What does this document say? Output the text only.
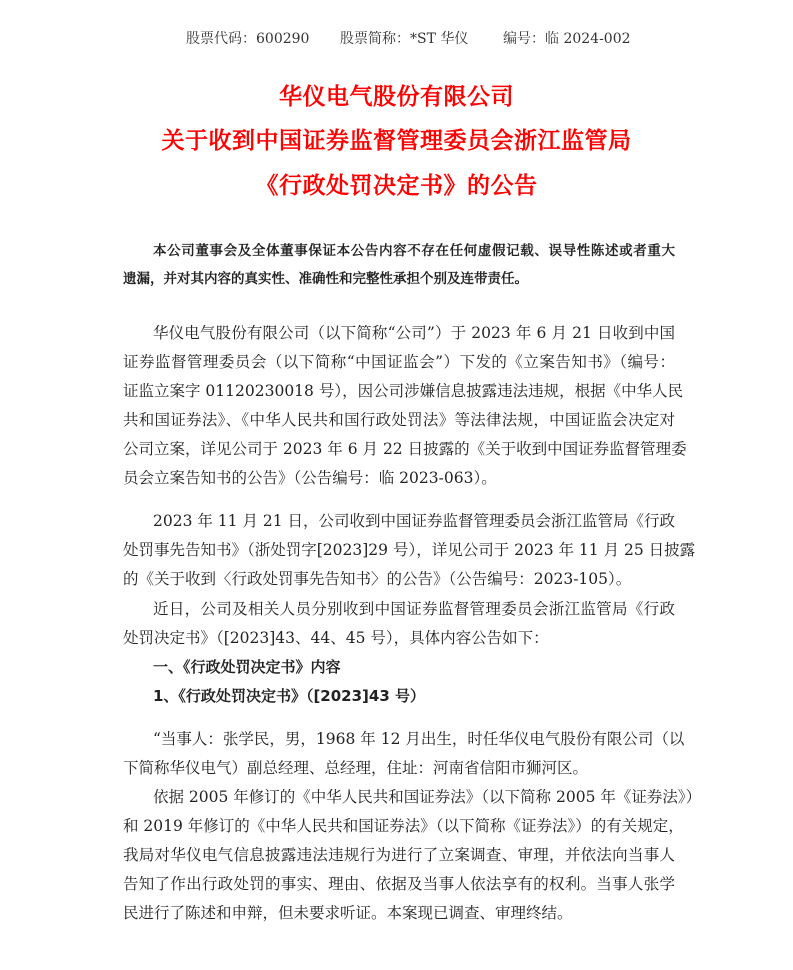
股票代码：600290 股票简称：*ST 华仪 编号：临 2024-002
华仪电气股份有限公司
关于收到中国证券监督管理委员会浙江监管局
《行政处罚决定书》的公告
本公司董事会及全体董事保证本公告内容不存在任何虚假记载、误导性陈述或者重大
遗漏，并对其内容的真实性、准确性和完整性承担个别及连带责任。
华仪电气股份有限公司（以下简称“公司”）于 2023 年 6 月 21 日收到中国
证券监督管理委员会（以下简称“中国证监会”）下发的《立案告知书》（编号：
证监立案字 01120230018 号），因公司涉嫌信息披露违法违规，根据《中华人民
共和国证券法》、《中华人民共和国行政处罚法》等法律法规，中国证监会决定对
公司立案，详见公司于 2023 年 6 月 22 日披露的《关于收到中国证券监督管理委
员会立案告知书的公告》（公告编号：临 2023-063）。
2023 年 11 月 21 日，公司收到中国证券监督管理委员会浙江监管局《行政
处罚事先告知书》（浙处罚字[2023]29 号），详见公司于 2023 年 11 月 25 日披露
的《关于收到〈行政处罚事先告知书〉的公告》（公告编号：2023-105）。
近日，公司及相关人员分别收到中国证券监督管理委员会浙江监管局《行政
处罚决定书》（[2023]43、44、45 号），具体内容公告如下：
一、《行政处罚决定书》内容
1、《行政处罚决定书》（[2023]43 号）
“当事人：张学民，男，1968 年 12 月出生，时任华仪电气股份有限公司（以
下简称华仪电气）副总经理、总经理，住址：河南省信阳市狮河区。
依据 2005 年修订的《中华人民共和国证券法》（以下简称 2005 年《证券法》）
和 2019 年修订的《中华人民共和国证券法》（以下简称《证券法》）的有关规定，
我局对华仪电气信息披露违法违规行为进行了立案调查、审理，并依法向当事人
告知了作出行政处罚的事实、理由、依据及当事人依法享有的权利。当事人张学
民进行了陈述和申辩，但未要求听证。本案现已调查、审理终结。
